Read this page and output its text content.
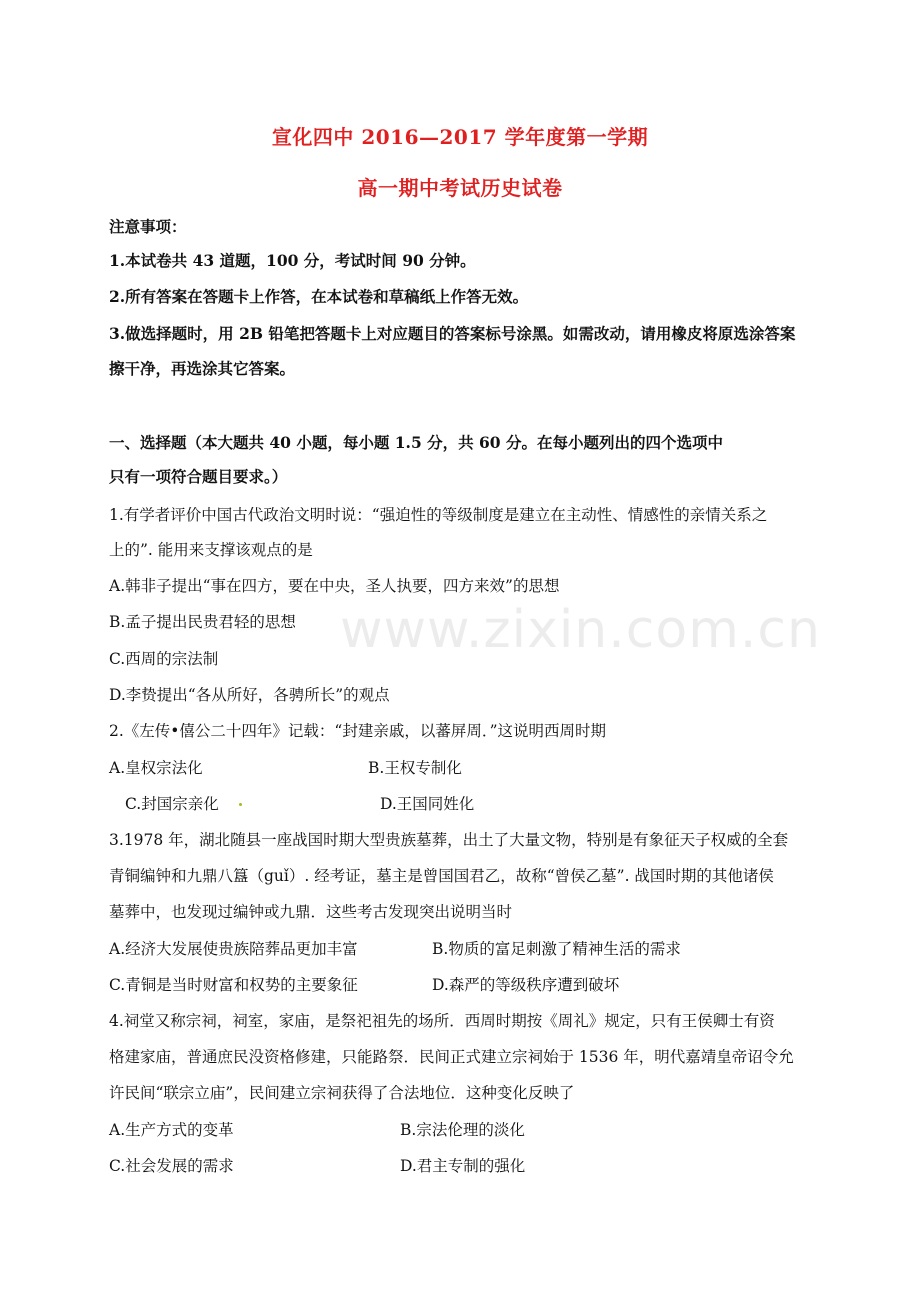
宣化四中 2016—2017 学年度第一学期
高一期中考试历史试卷
注意事项：
1.本试卷共 43 道题，100 分，考试时间 90 分钟。
2.所有答案在答题卡上作答，在本试卷和草稿纸上作答无效。
3.做选择题时，用 2B 铅笔把答题卡上对应题目的答案标号涂黑。如需改动，请用橡皮将原选涂答案
擦干净，再选涂其它答案。
一、选择题（本大题共 40 小题，每小题 1.5 分，共 60 分。在每小题列出的四个选项中
只有一项符合题目要求。）
1.有学者评价中国古代政治文明时说：“强迫性的等级制度是建立在主动性、情感性的亲情关系之
上的”. 能用来支撑该观点的是
A.韩非子提出“事在四方，要在中央，圣人执要，四方来效”的思想
B.孟子提出民贵君轻的思想
C.西周的宗法制
D.李贽提出“各从所好，各骋所长”的观点
2.《左传•僖公二十四年》记载：“封建亲戚，以蕃屏周．”这说明西周时期
A.皇权宗法化	B.王权专制化
C.封国宗亲化	D.王国同姓化
3.1978 年，湖北随县一座战国时期大型贵族墓葬，出土了大量文物，特别是有象征天子权威的全套
青铜编钟和九鼎八簋（guǐ）. 经考证，墓主是曾国国君乙，故称“曾侯乙墓”. 战国时期的其他诸侯
墓葬中，也发现过编钟或九鼎．这些考古发现突出说明当时
A.经济大发展使贵族陪葬品更加丰富	B.物质的富足刺激了精神生活的需求
C.青铜是当时财富和权势的主要象征	D.森严的等级秩序遭到破坏
4.祠堂又称宗祠，祠室，家庙，是祭祀祖先的场所．西周时期按《周礼》规定，只有王侯卿士有资
格建家庙，普通庶民没资格修建，只能路祭．民间正式建立宗祠始于 1536 年，明代嘉靖皇帝诏令允
许民间“联宗立庙”，民间建立宗祠获得了合法地位．这种变化反映了
A.生产方式的变革	B.宗法伦理的淡化
C.社会发展的需求	D.君主专制的强化
www.zixin.com.cn
